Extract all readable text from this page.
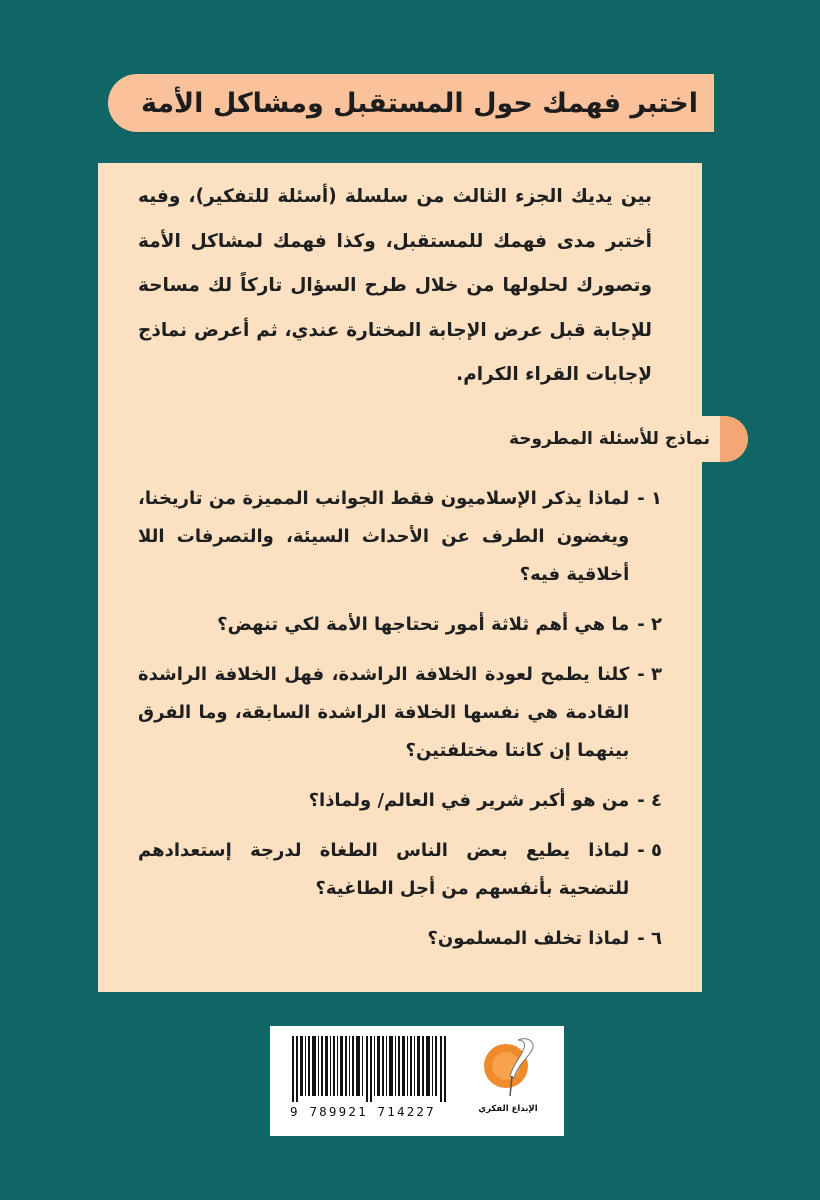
اختبر فهمك حول المستقبل ومشاكل الأمة

بين يديك الجزء الثالث من سلسلة (أسئلة للتفكير)، وفيه أختبر مدى فهمك للمستقبل، وكذا فهمك لمشاكل الأمة وتصورك لحلولها من خلال طرح السؤال تاركاً لك مساحة للإجابة قبل عرض الإجابة المختارة عندي، ثم أعرض نماذج لإجابات القراء الكرام.

نماذج للأسئلة المطروحة
١ -
لماذا يذكر الإسلاميون فقط الجوانب المميزة من تاريخنا، ويغضون الطرف عن الأحداث السيئة، والتصرفات اللا أخلاقية فيه؟
٢ -
ما هي أهم ثلاثة أمور تحتاجها الأمة لكي تنهض؟
٣ -
كلنا يطمح لعودة الخلافة الراشدة، فهل الخلافة الراشدة القادمة هي نفسها الخلافة الراشدة السابقة، وما الفرق بينهما إن كانتا مختلفتين؟
٤ -
من هو أكبر شرير في العالم/ ولماذا؟
٥ -
لماذا يطيع بعض الناس الطغاة لدرجة إستعدادهم للتضحية بأنفسهم من أجل الطاغية؟
٦ -
لماذا تخلف المسلمون؟
9 789921 714227	الإبداع الفكري
